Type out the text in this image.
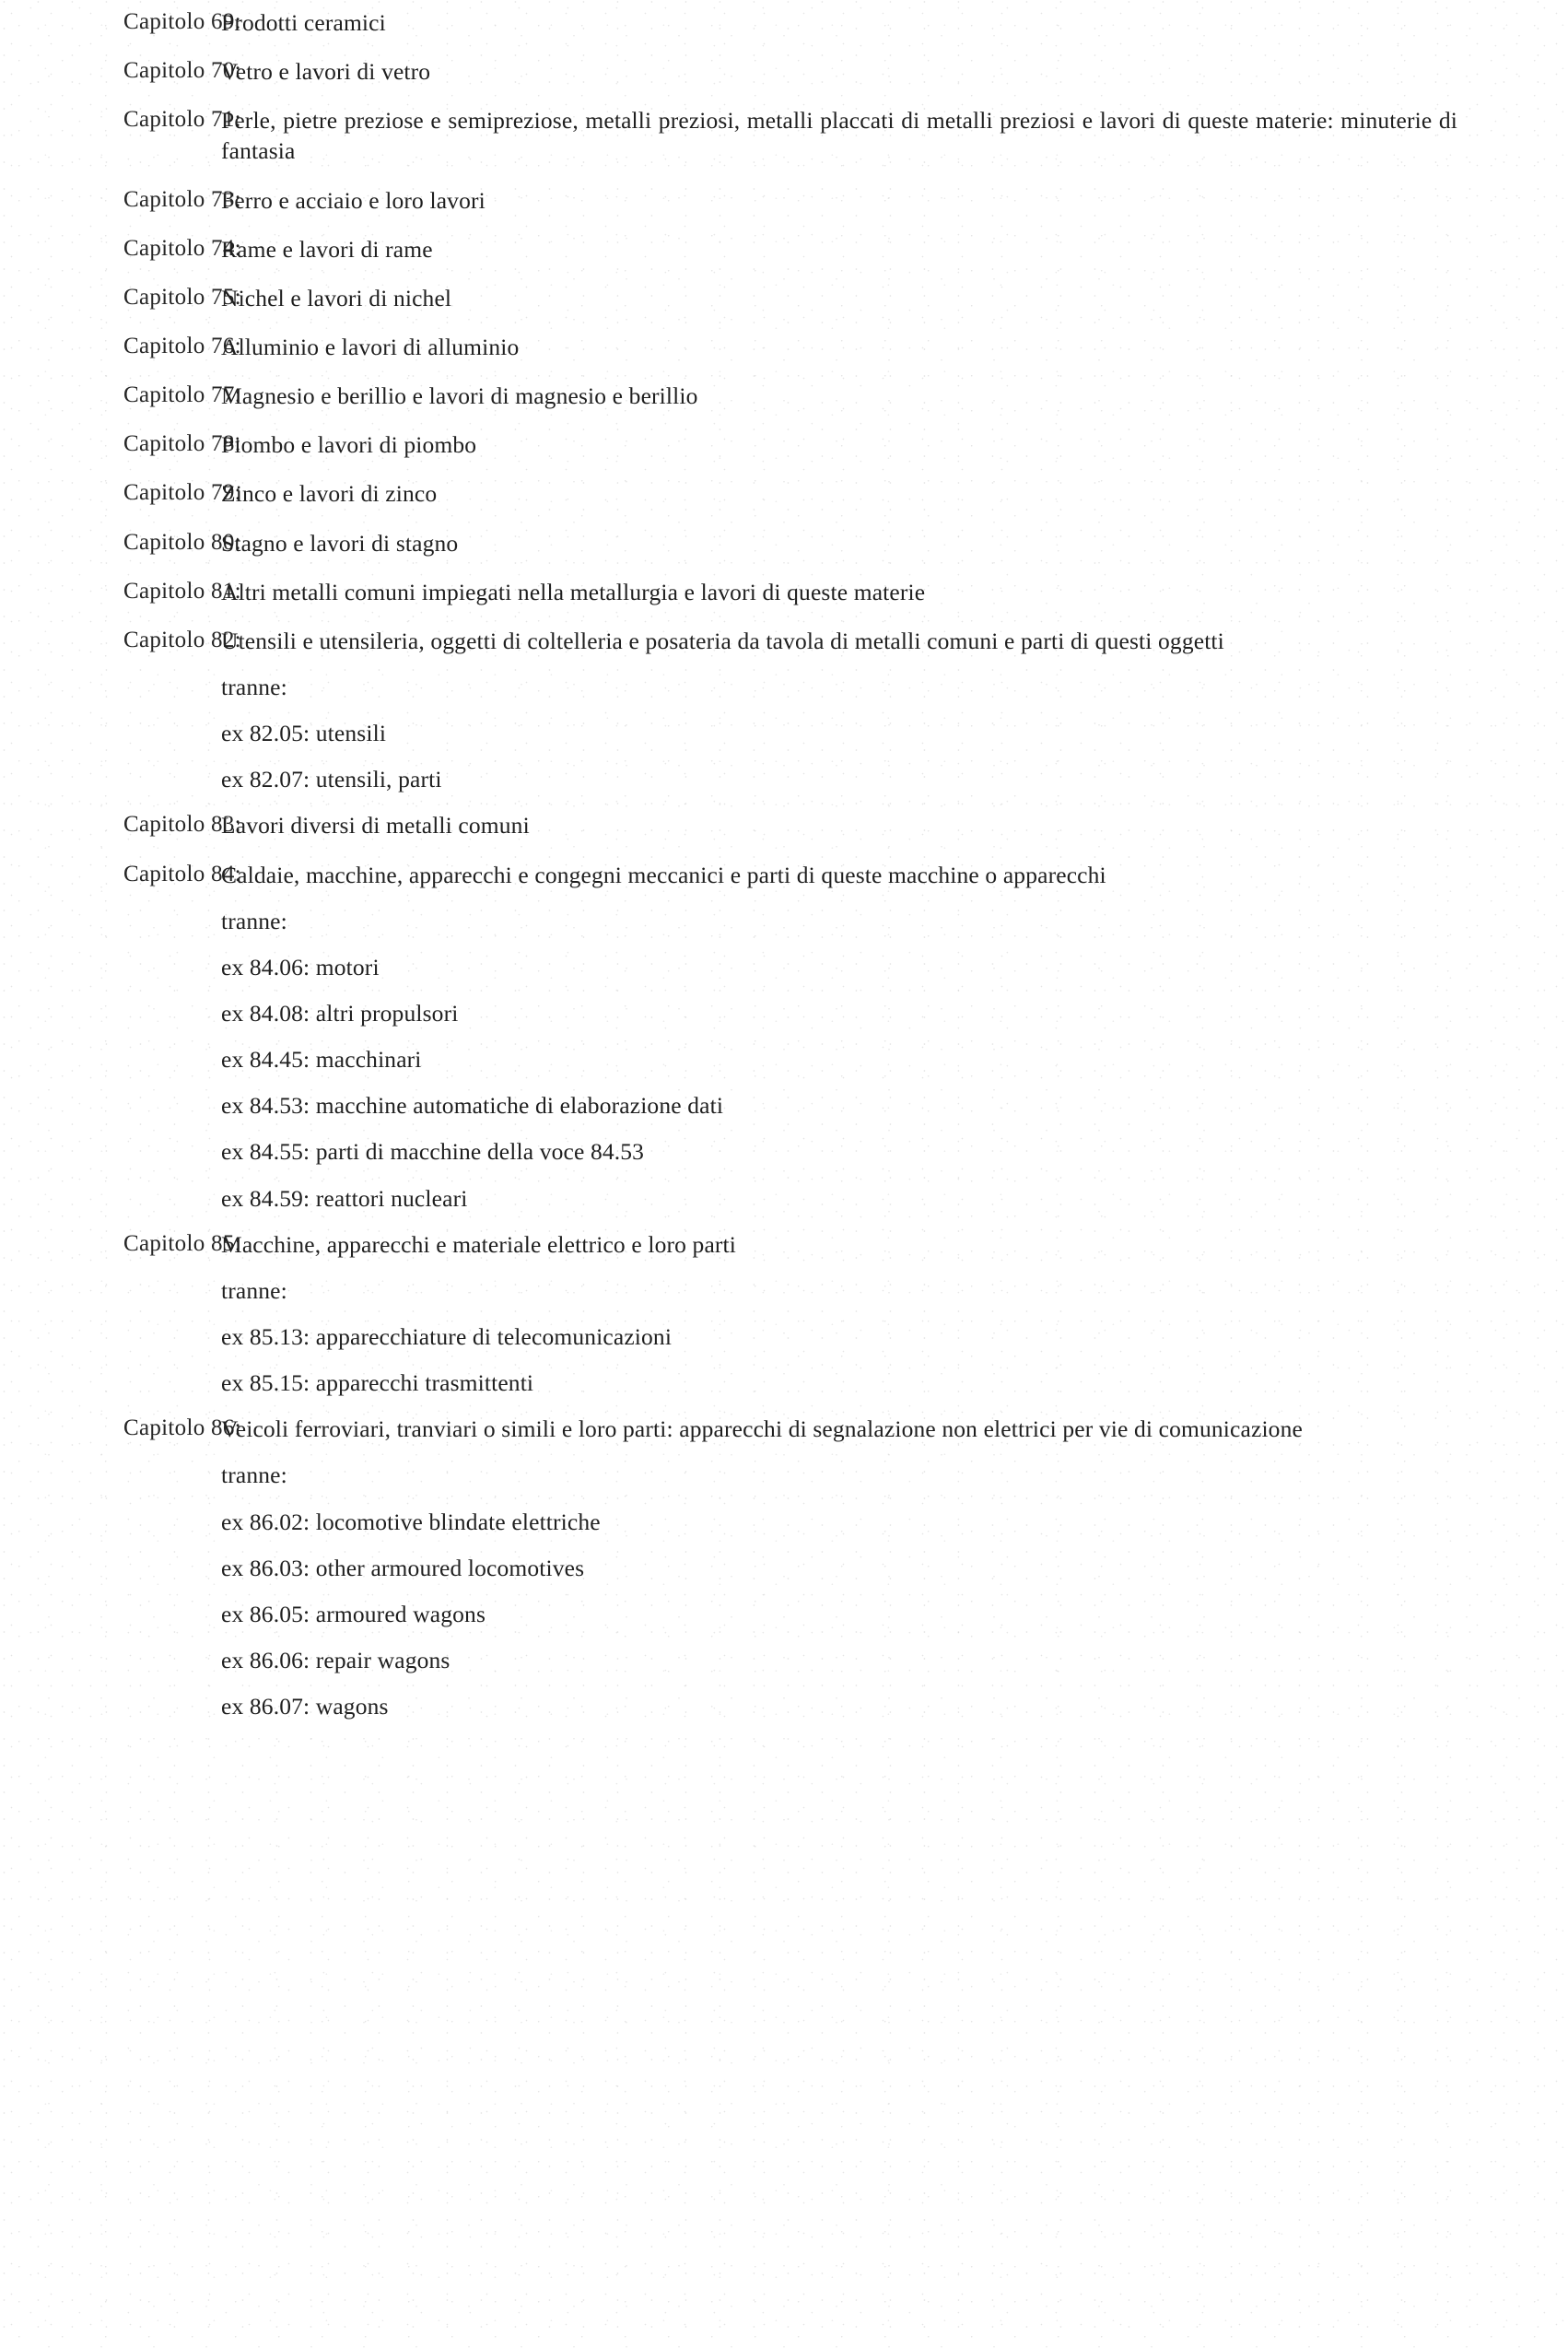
Capitolo 69:
Prodotti ceramici
Capitolo 70:
Vetro e lavori di vetro
Capitolo 71:
Perle, pietre preziose e semipreziose, metalli preziosi, metalli placcati di metalli preziosi e lavori di queste materie: minuterie di fantasia
Capitolo 73:
Ferro e acciaio e loro lavori
Capitolo 74:
Rame e lavori di rame
Capitolo 75:
Nichel e lavori di nichel
Capitolo 76:
Alluminio e lavori di alluminio
Capitolo 77:
Magnesio e berillio e lavori di magnesio e berillio
Capitolo 78:
Piombo e lavori di piombo
Capitolo 79:
Zinco e lavori di zinco
Capitolo 80:
Stagno e lavori di stagno
Capitolo 81:
Altri metalli comuni impiegati nella metallurgia e lavori di queste materie
Capitolo 82:
Utensili e utensileria, oggetti di coltelleria e posateria da tavola di metalli comuni e parti di questi oggetti
tranne:
ex 82.05: utensili
ex 82.07: utensili, parti
Capitolo 83:
Lavori diversi di metalli comuni
Capitolo 84:
Caldaie, macchine, apparecchi e congegni meccanici e parti di queste macchine o apparecchi
tranne:
ex 84.06: motori
ex 84.08: altri propulsori
ex 84.45: macchinari
ex 84.53: macchine automatiche di elaborazione dati
ex 84.55: parti di macchine della voce 84.53
ex 84.59: reattori nucleari
Capitolo 85:
Macchine, apparecchi e materiale elettrico e loro parti
tranne:
ex 85.13: apparecchiature di telecomunicazioni
ex 85.15: apparecchi trasmittenti
Capitolo 86:
Veicoli ferroviari, tranviari o simili e loro parti: apparecchi di segnalazione non elettrici per vie di comunicazione
tranne:
ex 86.02: locomotive blindate elettriche
ex 86.03: other armoured locomotives
ex 86.05: armoured wagons
ex 86.06: repair wagons
ex 86.07: wagons
